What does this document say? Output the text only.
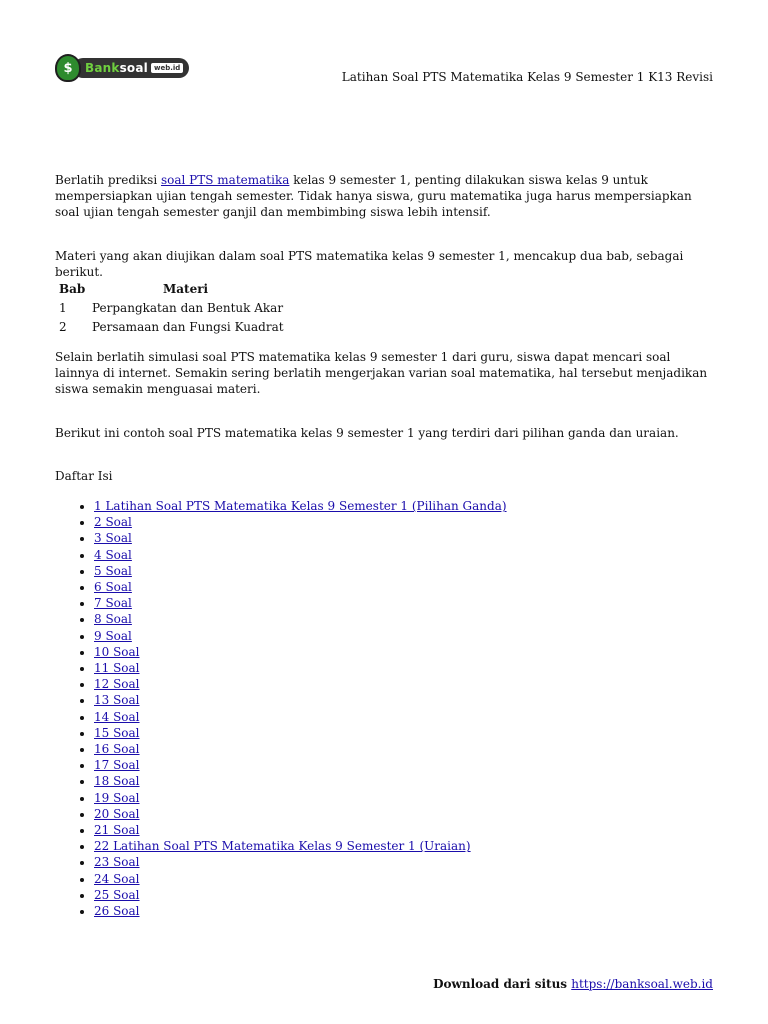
$	Bank soal web.id
Latihan Soal PTS Matematika Kelas 9 Semester 1 K13 Revisi

Berlatih prediksi soal PTS matematika kelas 9 semester 1, penting dilakukan siswa kelas 9 untuk mempersiapkan ujian tengah semester. Tidak hanya siswa, guru matematika juga harus mempersiapkan soal ujian tengah semester ganjil dan membimbing siswa lebih intensif.

Materi yang akan diujikan dalam soal PTS matematika kelas 9 semester 1, mencakup dua bab, sebagai berikut.

Bab	Materi
1	Perpangkatan dan Bentuk Akar
2	Persamaan dan Fungsi Kuadrat

Selain berlatih simulasi soal PTS matematika kelas 9 semester 1 dari guru, siswa dapat mencari soal lainnya di internet. Semakin sering berlatih mengerjakan varian soal matematika, hal tersebut menjadikan siswa semakin menguasai materi.

Berikut ini contoh soal PTS matematika kelas 9 semester 1 yang terdiri dari pilihan ganda dan uraian.

Daftar Isi
• 1 Latihan Soal PTS Matematika Kelas 9 Semester 1 (Pilihan Ganda)
• 2 Soal
• 3 Soal
• 4 Soal
• 5 Soal
• 6 Soal
• 7 Soal
• 8 Soal
• 9 Soal
• 10 Soal
• 11 Soal
• 12 Soal
• 13 Soal
• 14 Soal
• 15 Soal
• 16 Soal
• 17 Soal
• 18 Soal
• 19 Soal
• 20 Soal
• 21 Soal
• 22 Latihan Soal PTS Matematika Kelas 9 Semester 1 (Uraian)
• 23 Soal
• 24 Soal
• 25 Soal
• 26 Soal
Download dari situs https://banksoal.web.id
